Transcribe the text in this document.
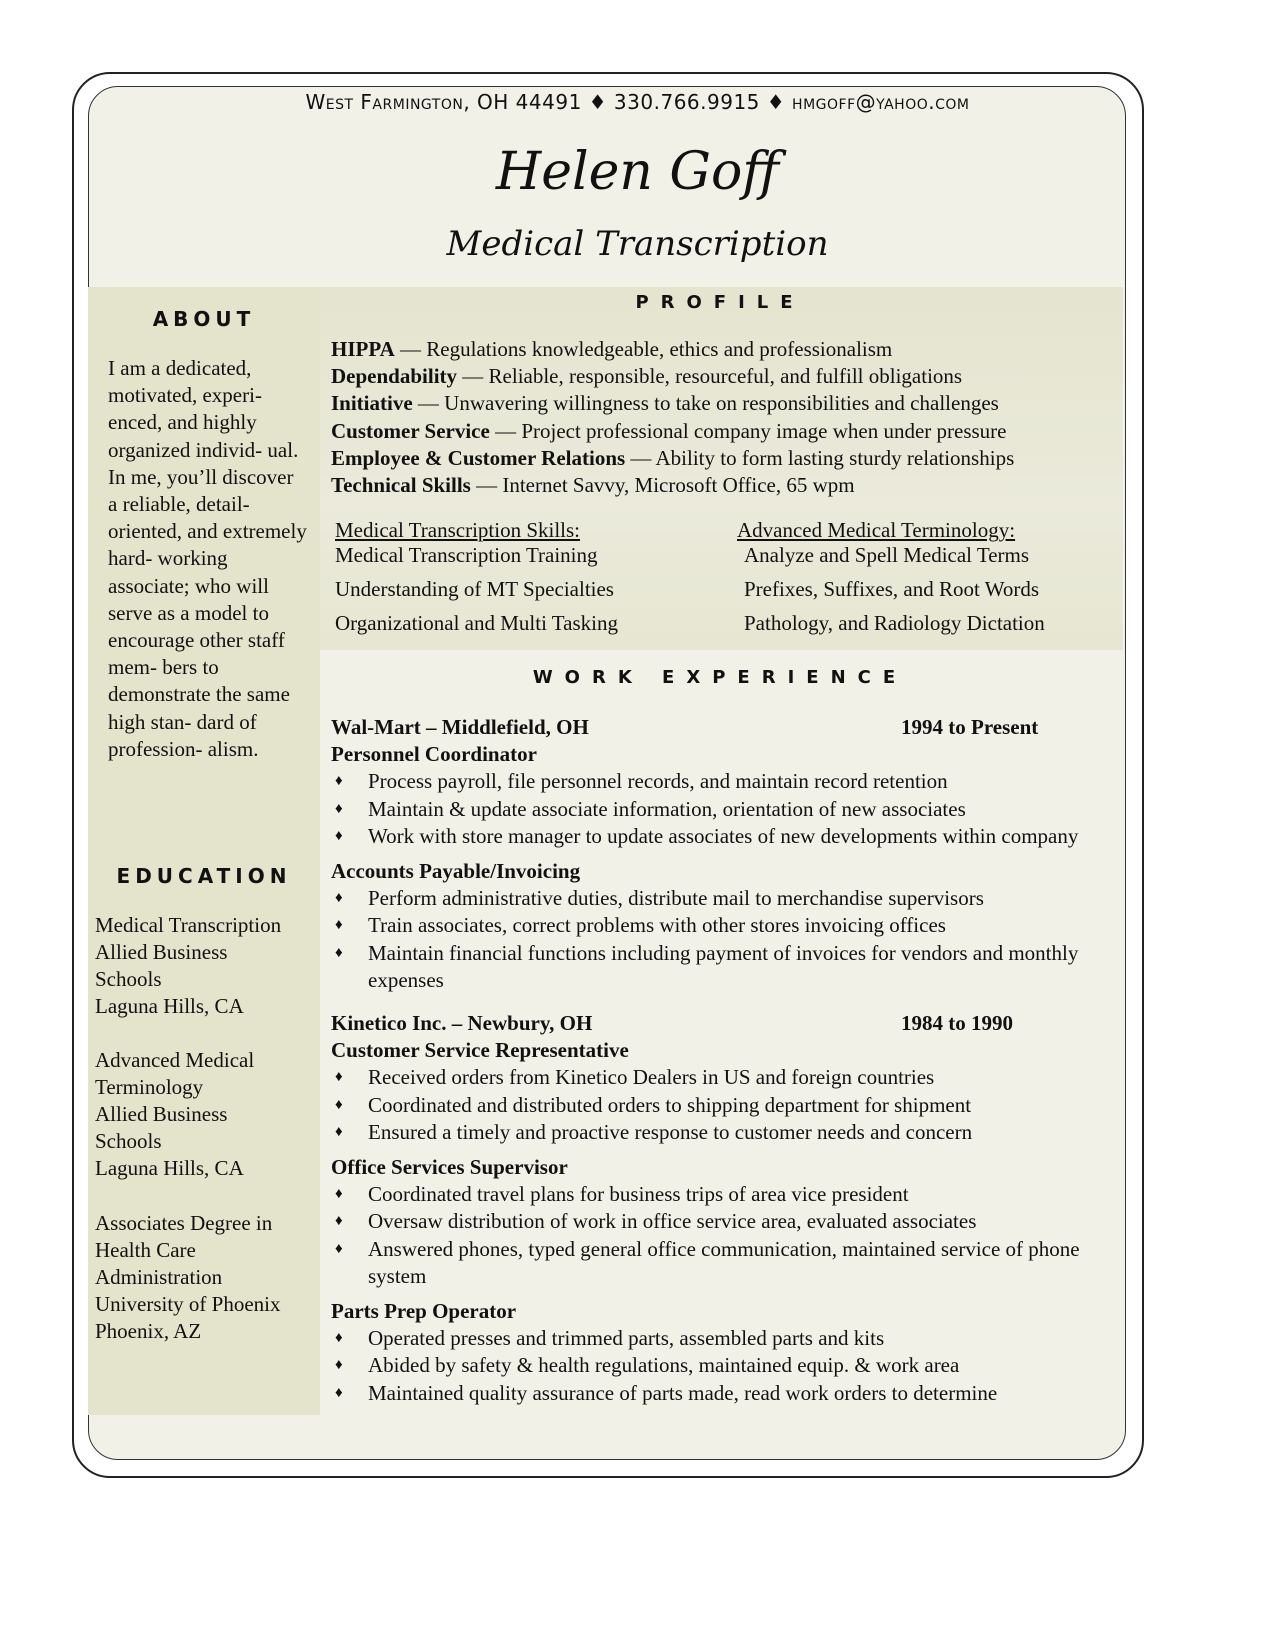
West Farmington, OH 44491 ♦ 330.766.9915 ♦ hmgoff@yahoo.com
Helen Goff
Medical Transcription
ABOUT
I am a dedicated, motivated, experi- enced, and highly organized individ- ual. In me, you’ll discover a reliable, detail-oriented, and extremely hard- working associate; who will serve as a model to encourage other staff mem- bers to demonstrate the same high stan- dard of profession- alism.
EDUCATION
PROFILE
HIPPA — Regulations knowledgeable, ethics and professionalism
Dependability — Reliable, responsible, resourceful, and fulfill obligations
Initiative — Unwavering willingness to take on responsibilities and challenges
Customer Service — Project professional company image when under pressure
Employee & Customer Relations — Ability to form lasting sturdy relationships
Technical Skills — Internet Savvy, Microsoft Office, 65 wpm
Medical Transcription Skills:
Medical Transcription Training
Understanding of MT Specialties
Organizational and Multi Tasking
Advanced Medical Terminology:
Analyze and Spell Medical Terms
Prefixes, Suffixes, and Root Words
Pathology, and Radiology Dictation
WORK EXPERIENCE
Wal-Mart – Middlefield, OH	1994 to Present
Personnel Coordinator
♦ Process payroll, file personnel records, and maintain record retention
♦ Maintain & update associate information, orientation of new associates
♦ Work with store manager to update associates of new developments within company
Accounts Payable/Invoicing
♦ Perform administrative duties, distribute mail to merchandise supervisors
♦ Train associates, correct problems with other stores invoicing offices
♦ Maintain financial functions including payment of invoices for vendors and monthly expenses
Kinetico Inc. – Newbury, OH	1984 to 1990
Customer Service Representative
♦ Received orders from Kinetico Dealers in US and foreign countries
♦ Coordinated and distributed orders to shipping department for shipment
♦ Ensured a timely and proactive response to customer needs and concern
Office Services Supervisor
♦ Coordinated travel plans for business trips of area vice president
♦ Oversaw distribution of work in office service area, evaluated associates
♦ Answered phones, typed general office communication, maintained service of phone system
Parts Prep Operator
♦ Operated presses and trimmed parts, assembled parts and kits
♦ Abided by safety & health regulations, maintained equip. & work area
♦ Maintained quality assurance of parts made, read work orders to determine
Medical Transcription
Allied Business
Schools
Laguna Hills, CA
Advanced Medical
Terminology
Allied Business
Schools
Laguna Hills, CA
Associates Degree in
Health Care
Administration
University of Phoenix
Phoenix, AZ
